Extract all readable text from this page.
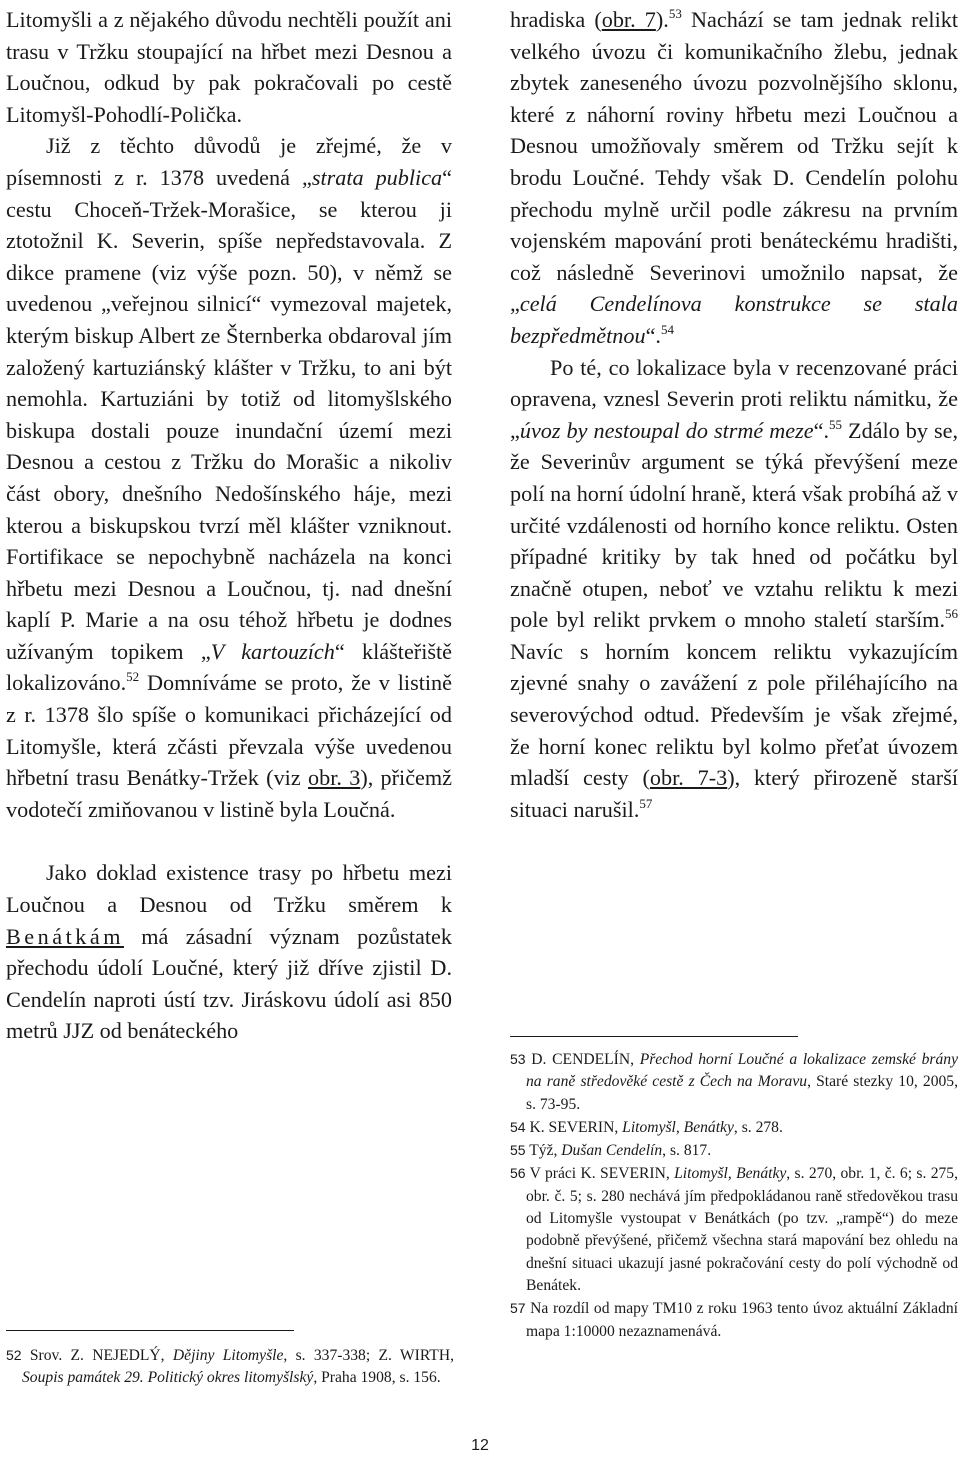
Litomyšli a z nějakého důvodu nechtěli použít ani trasu v Tržku stoupající na hřbet mezi Desnou a Loučnou, odkud by pak pokračovali po cestě Litomyšl-Pohodlí-Polička.

Již z těchto důvodů je zřejmé, že v písemnosti z r. 1378 uvedená „strata publica“ cestu Choceň-Tržek-Morašice, se kterou ji ztotožnil K. Severin, spíše nepředstavovala. Z dikce pramene (viz výše pozn. 50), v němž se uvedenou „veřejnou silnicí“ vymezoval majetek, kterým biskup Albert ze Šternberka obdaroval jím založený kartuziánský klášter v Tržku, to ani být nemohla. Kartuziáni by totiž od litomyšlského biskupa dostali pouze inundační území mezi Desnou a cestou z Tržku do Morašic a nikoliv část obory, dnešního Nedošínského háje, mezi kterou a biskupskou tvrzí měl klášter vzniknout. Fortifikace se nepochybně nacházela na konci hřbetu mezi Desnou a Loučnou, tj. nad dnešní kaplí P. Marie a na osu téhož hřbetu je dodnes užívaným topikem „V kartouzích“ klášteřiště lokalizováno.$^{52}$ Domníváme se proto, že v listině z r. 1378 šlo spíše o komunikaci přicházející od Litomyšle, která zčásti převzala výše uvedenou hřbetní trasu Benátky-Tržek (viz obr. 3), přičemž vodotečí zmiňovanou v listině byla Loučná.

Jako doklad existence trasy po hřbetu mezi Loučnou a Desnou od Tržku směrem k Benátkám má zásadní význam pozůstatek přechodu údolí Loučné, který již dříve zjistil D. Cendelín naproti ústí tzv. Jiráskovu údolí asi 850 metrů JJZ od benáteckého

hradiska (obr. 7).$^{53}$ Nachází se tam jednak relikt velkého úvozu či komunikačního žlebu, jednak zbytek zaneseného úvozu pozvolnějšího sklonu, které z náhorní roviny hřbetu mezi Loučnou a Desnou umožňovaly směrem od Tržku sejít k brodu Loučné. Tehdy však D. Cendelín polohu přechodu mylně určil podle zákresu na prvním vojenském mapování proti benáteckému hradišti, což následně Severinovi umožnilo napsat, že „celá Cendelínova konstrukce se stala bezpředmětnou“.$^{54}$

Po té, co lokalizace byla v recenzované práci opravena, vznesl Severin proti reliktu námitku, že „úvoz by nestoupal do strmé meze“.$^{55}$ Zdálo by se, že Severinův argument se týká převýšení meze polí na horní údolní hraně, která však probíhá až v určité vzdálenosti od horního konce reliktu. Osten případné kritiky by tak hned od počátku byl značně otupen, neboť ve vztahu reliktu k mezi pole byl relikt prvkem o mnoho staletí starším.$^{56}$ Navíc s horním koncem reliktu vykazujícím zjevné snahy o zavážení z pole přiléhajícího na severovýchod odtud. Především je však zřejmé, že horní konec reliktu byl kolmo přeťat úvozem mladší cesty (obr. 7-3), který přirozeně starší situaci narušil.$^{57}$

52 Srov. Z. NEJEDLÝ, Dějiny Litomyšle, s. 337-338; Z. WIRTH, Soupis památek 29. Politický okres litomyšlský, Praha 1908, s. 156.

53 D. CENDELÍN, Přechod horní Loučné a lokalizace zemské brány na raně středověké cestě z Čech na Moravu, Staré stezky 10, 2005, s. 73-95.

54 K. SEVERIN, Litomyšl, Benátky, s. 278.

55 Týž, Dušan Cendelín, s. 817.

56 V práci K. SEVERIN, Litomyšl, Benátky, s. 270, obr. 1, č. 6; s. 275, obr. č. 5; s. 280 nechává jím předpokládanou raně středověkou trasu od Litomyšle vystoupat v Benátkách (po tzv. „rampě“) do meze podobně převýšené, přičemž všechna stará mapování bez ohledu na dnešní situaci ukazují jasné pokračování cesty do polí východně od Benátek.

57 Na rozdíl od mapy TM10 z roku 1963 tento úvoz aktuální Základní mapa 1:10000 nezaznamenává.

12
